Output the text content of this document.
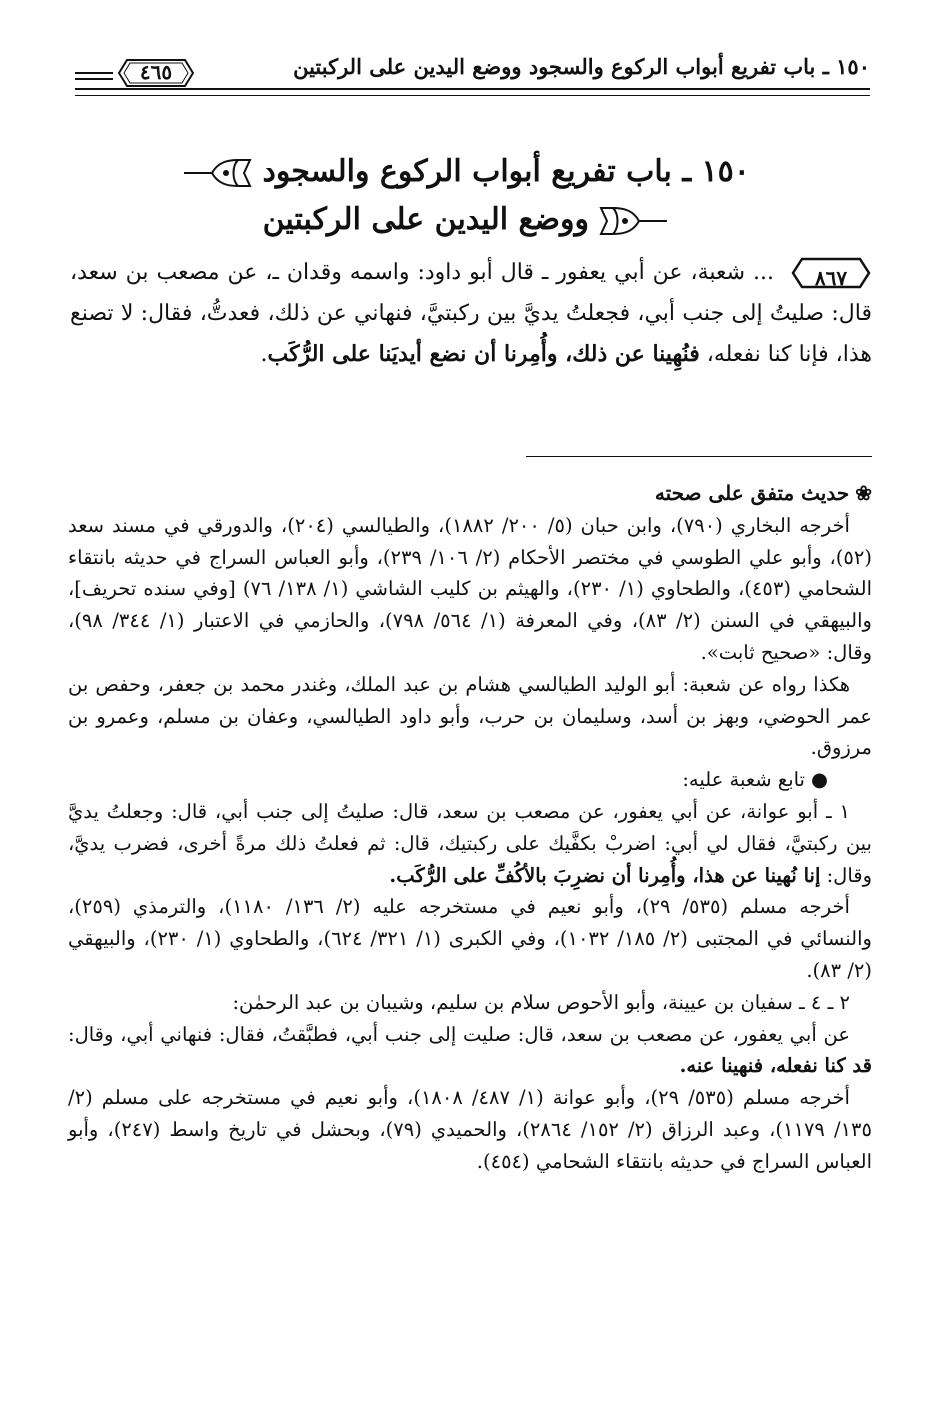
١٥٠ ـ باب تفريع أبواب الركوع والسجود ووضع اليدين على الركبتين
٤٦٥
١٥٠ ـ باب تفريع أبواب الركوع والسجود
ووضع اليدين على الركبتين
٨٦٧
... شعبة، عن أبي يعفور ـ قال أبو داود: واسمه وقدان ـ، عن مصعب بن سعد، قال: صليتُ إلى جنب أبي، فجعلتُ يديَّ بين ركبتيَّ، فنهاني عن ذلك، فعدتُّ، فقال: لا تصنع هذا، فإنا كنا نفعله، فنُهِينا عن ذلك، وأُمِرنا أن نضع أيديَنا على الرُّكَب.

❀حديث متفق على صحته

أخرجه البخاري (٧٩٠)، وابن حبان (٥/ ٢٠٠/ ١٨٨٢)، والطيالسي (٢٠٤)، والدورقي في مسند سعد (٥٢)، وأبو علي الطوسي في مختصر الأحكام (٢/ ١٠٦/ ٢٣٩)، وأبو العباس السراج في حديثه بانتقاء الشحامي (٤٥٣)، والطحاوي (١/ ٢٣٠)، والهيثم بن كليب الشاشي (١/ ١٣٨/ ٧٦) [وفي سنده تحريف]، والبيهقي في السنن (٢/ ٨٣)، وفي المعرفة (١/ ٥٦٤/ ٧٩٨)، والحازمي في الاعتبار (١/ ٣٤٤/ ٩٨)، وقال: «صحيح ثابت».

هكذا رواه عن شعبة: أبو الوليد الطيالسي هشام بن عبد الملك، وغندر محمد بن جعفر، وحفص بن عمر الحوضي، وبهز بن أسد، وسليمان بن حرب، وأبو داود الطيالسي، وعفان بن مسلم، وعمرو بن مرزوق.

●تابع شعبة عليه:

١ ـ أبو عوانة، عن أبي يعفور، عن مصعب بن سعد، قال: صليتُ إلى جنب أبي، قال: وجعلتُ يديَّ بين ركبتيَّ، فقال لي أبي: اضربْ بكفَّيك على ركبتيك، قال: ثم فعلتُ ذلك مرةً أخرى، فضرب يديَّ، وقال: إنا نُهينا عن هذا، وأُمِرنا أن نضرِبَ بالأكُفِّ على الرُّكَب.

أخرجه مسلم (٥٣٥/ ٢٩)، وأبو نعيم في مستخرجه عليه (٢/ ١٣٦/ ١١٨٠)، والترمذي (٢٥٩)، والنسائي في المجتبى (٢/ ١٨٥/ ١٠٣٢)، وفي الكبرى (١/ ٣٢١/ ٦٢٤)، والطحاوي (١/ ٢٣٠)، والبيهقي (٢/ ٨٣).

٢ ـ ٤ ـ سفيان بن عيينة، وأبو الأحوص سلام بن سليم، وشيبان بن عبد الرحمٰن:

عن أبي يعفور، عن مصعب بن سعد، قال: صليت إلى جنب أبي، فطبَّقتُ، فقال: فنهاني أبي، وقال: قد كنا نفعله، فنهينا عنه.

أخرجه مسلم (٥٣٥/ ٢٩)، وأبو عوانة (١/ ٤٨٧/ ١٨٠٨)، وأبو نعيم في مستخرجه على مسلم (٢/ ١٣٥/ ١١٧٩)، وعبد الرزاق (٢/ ١٥٢/ ٢٨٦٤)، والحميدي (٧٩)، وبحشل في تاريخ واسط (٢٤٧)، وأبو العباس السراج في حديثه بانتقاء الشحامي (٤٥٤).
